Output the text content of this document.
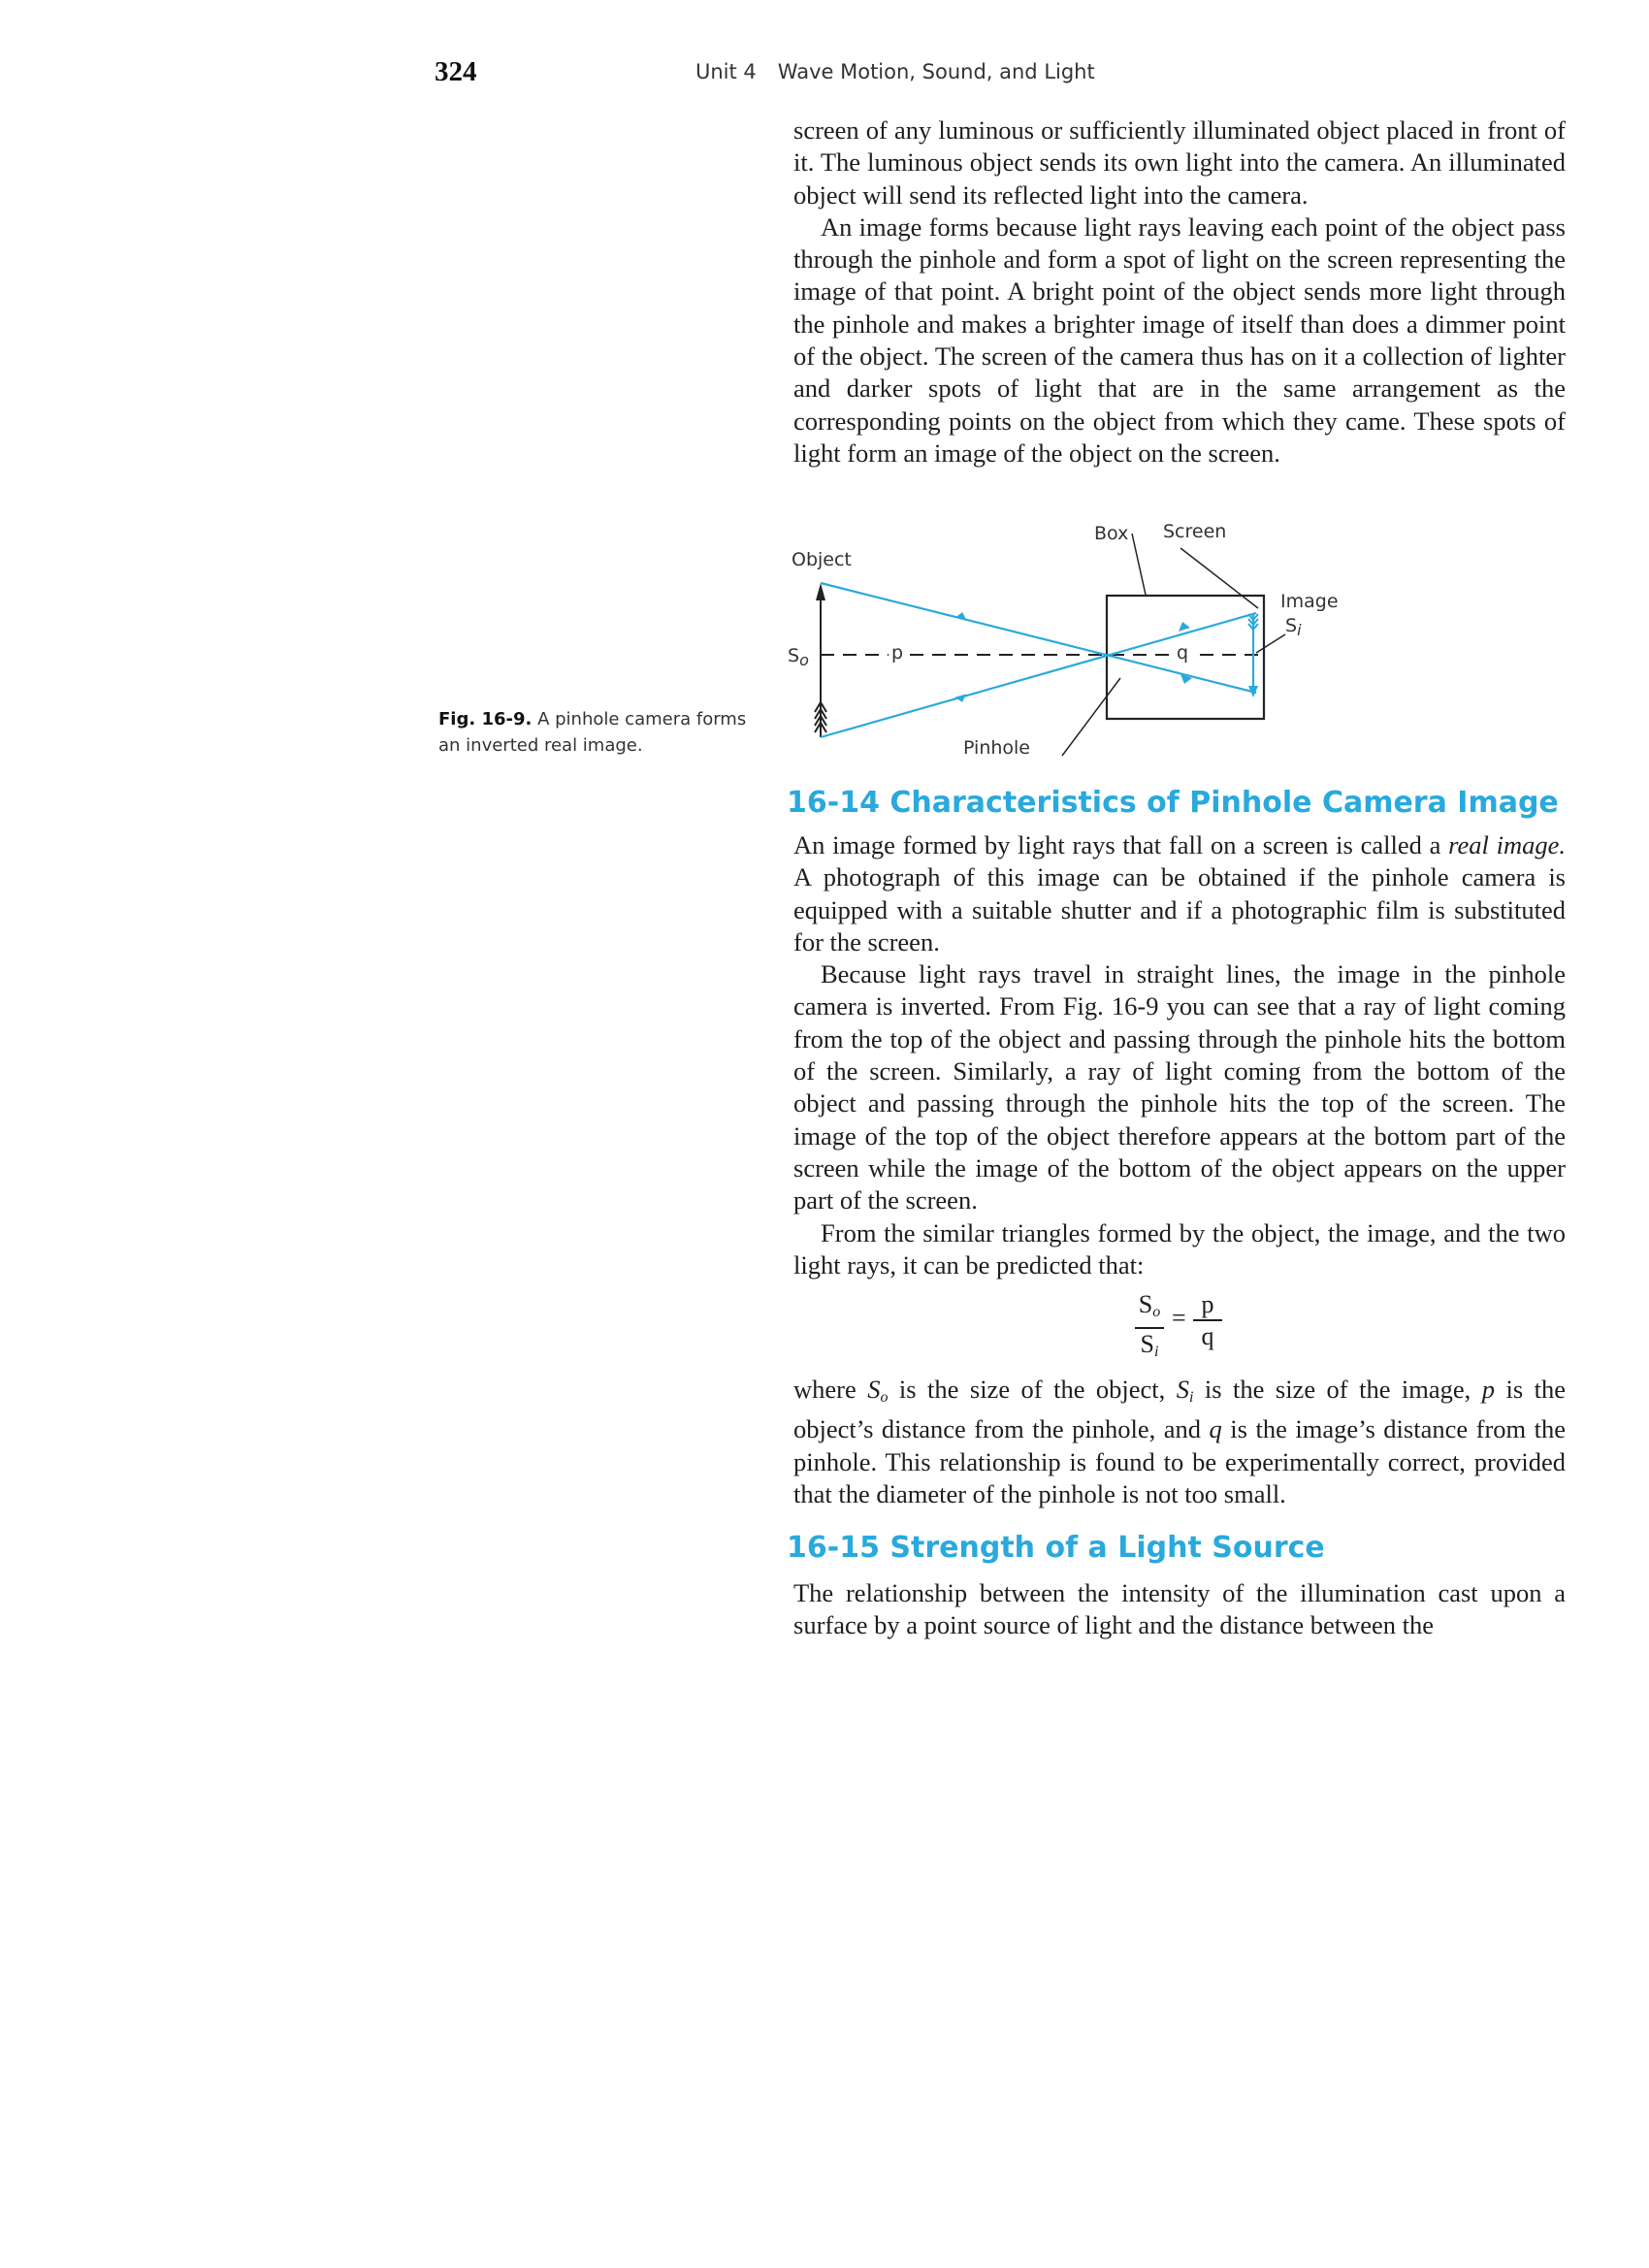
324	Unit 4 Wave Motion, Sound, and Light

screen of any luminous or sufficiently illuminated object placed in front of it. The luminous object sends its own light into the camera. An illuminated object will send its reflected light into the camera.

An image forms because light rays leaving each point of the object pass through the pinhole and form a spot of light on the screen representing the image of that point. A bright point of the object sends more light through the pinhole and makes a brighter image of itself than does a dimmer point of the object. The screen of the camera thus has on it a collection of lighter and darker spots of light that are in the same arrangement as the corresponding points on the object from which they came. These spots of light form an image of the object on the screen.

Fig. 16-9. A pinhole camera forms an inverted real image.
Box Screen
Object
Image
$S_i$
$S_o$	p	q
Pinhole
16-14 Characteristics of Pinhole Camera Image

An image formed by light rays that fall on a screen is called a real image. A photograph of this image can be obtained if the pinhole camera is equipped with a suitable shutter and if a photographic film is substituted for the screen.

Because light rays travel in straight lines, the image in the pinhole camera is inverted. From Fig. 16-9 you can see that a ray of light coming from the top of the object and passing through the pinhole hits the bottom of the screen. Similarly, a ray of light coming from the bottom of the object and passing through the pinhole hits the top of the screen. The image of the top of the object therefore appears at the bottom part of the screen while the image of the bottom of the object appears on the upper part of the screen.

From the similar triangles formed by the object, the image, and the two light rays, it can be predicted that:

$\frac{S_o}{S_i} = \frac{p}{q}$

where $S_o$ is the size of the object, $S_i$ is the size of the image, p is the object’s distance from the pinhole, and q is the image’s distance from the pinhole. This relationship is found to be experimentally correct, provided that the diameter of the pinhole is not too small.

16-15 Strength of a Light Source

The relationship between the intensity of the illumination cast upon a surface by a point source of light and the distance between the
